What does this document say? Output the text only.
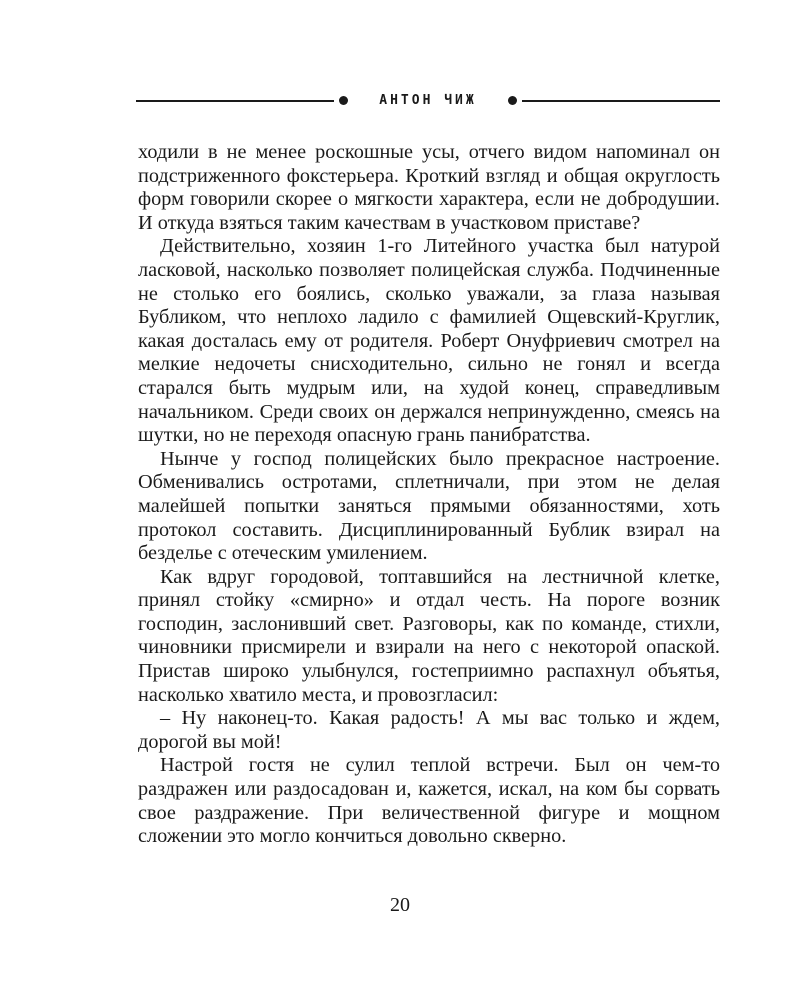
АНТОН ЧИЖ

ходили в не менее роскошные усы, отчего видом напоминал он подстриженного фокстерьера. Кроткий взгляд и общая округлость форм говорили скорее о мягкости характера, если не добродушии. И откуда взяться таким качествам в участковом приставе?

Действительно, хозяин 1-го Литейного участка был натурой ласковой, насколько позволяет полицейская служба. Подчиненные не столько его боялись, сколько уважали, за глаза называя Бубликом, что неплохо ладило с фамилией Ощевский-Круглик, какая досталась ему от родителя. Роберт Онуфриевич смотрел на мелкие недочеты снисходительно, сильно не гонял и всегда старался быть мудрым или, на худой конец, справедливым начальником. Среди своих он держался непринужденно, смеясь на шутки, но не переходя опасную грань панибратства.

Нынче у господ полицейских было прекрасное настроение. Обменивались остротами, сплетничали, при этом не делая малейшей попытки заняться прямыми обязанностями, хоть протокол составить. Дисциплинированный Бублик взирал на безделье с отеческим умилением.

Как вдруг городовой, топтавшийся на лестничной клетке, принял стойку «смирно» и отдал честь. На пороге возник господин, заслонивший свет. Разговоры, как по команде, стихли, чиновники присмирели и взирали на него с некоторой опаской. Пристав широко улыбнулся, гостеприимно распахнул объятья, насколько хватило места, и провозгласил:

– Ну наконец-то. Какая радость! А мы вас только и ждем, дорогой вы мой!

Настрой гостя не сулил теплой встречи. Был он чем-то раздражен или раздосадован и, кажется, искал, на ком бы сорвать свое раздражение. При величественной фигуре и мощном сложении это могло кончиться довольно скверно.

20
